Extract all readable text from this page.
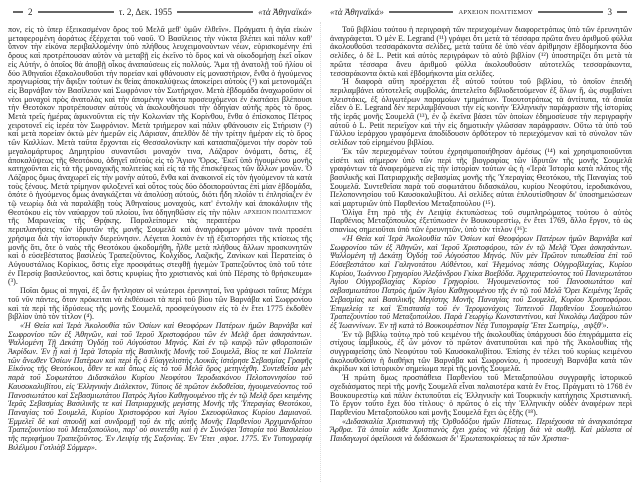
2	τ. 2, Δεκ. 1955	«τὰ Ἀθηναϊκά» «τὰ Ἀθηναϊκά»	ΑΡΧΕΙΟΝ ΠΟΛΙΤΙΣΜΟΥ	3
ΑΡΧΕΙΟΝ ΠΟΛΙΤΙΣΜΟΥ

πον, εἰς τὸ ὑπερ ἐξεικασμένον ὄρος τοῦ Μελᾶ μεθ' ὑμῶν ἐλθεῖν». Πράγματι ἡ ἁγία εἰκὼν μεταφερομένη ἀοράτως ἐξέρχεται τοῦ ναοῦ. Ὁ Βασίλειος τὴν νύκτα βλέπει καὶ πάλιν καθ' ὕπνον τὴν εἰκόνα περιβαλλομένην ὑπὸ πλήθους λευχειμονούντων νέων, εὑρισκομένην ἐπὶ ὄρους καὶ προτρέπουσαν αὐτὸν νὰ μεταβῇ εἰς ἐκεῖνο τὸ ὄρος καὶ νὰ οἰκοδομήσῃ ἐκεῖ οἶκον εἰς Αὐτήν, ὁ ὁποῖος θὰ ἀποβῇ οἶκος ἀναπαύσεως εἰς πολλούς. Ἅμα τῇ ἀνατολῇ τοῦ ἡλίου οἱ δύο Ἀθηναῖοι ἐξακολουθοῦσι τὴν πορείαν καὶ φθάνουσιν εἰς μοναστήριον, ἔνθα ὁ ἡγούμενος προγνωρίσας τὴν ἄφιξιν τούτων ἐκ θείας ἀποκαλύψεως ἀποκείρει αὐτοὺς (¹) καὶ μετονομάζει εἰς Βαρνάβαν τὸν Βασίλειον καὶ Σωφρόνιον τὸν Σωτήριχον. Μετὰ ἑβδομάδα ἀναχωροῦσιν οἱ νέοι μοναχοὶ πρὸς ἀνατολὰς καὶ τὴν ἀπομένην νύκτα προσευχόμενοι ἐν ἐκστάσει βλέπουσι τὴν Θεοτόκον προτρέπουσαν αὐτοὺς νὰ ἀκολουθήσωσι τὴν ὁδηγίαν αὐτῆς πρὸς τὸ ὄρος. Μετὰ τρεῖς ἡμέρας ἀφικνοῦνται εἰς τὴν Κολωνίαν τῆς Κορίνθου, ἔνθα ὁ ἐπίσκοπος Πέτρος χειροτονεῖ εἰς ἱερέα τὸν Σωφρόνιον. Μετὰ τριήμερον καὶ πάλιν φθάνουσιν εἰς Στήρισιν (²) καὶ μετὰ πορείαν ὀκτὼ μὲν ἡμερῶν εἰς Λάρισαν, ἀπελθὸν δὲ τὴν τρίτην ἡμέραν εἰς τὸ ὄρος τῶν Καλλίων. Μετὰ ταῦτα ἔρχονται εἰς Θεσσαλονίκην καὶ κατασπαζόμενοι τὴν σορὸν τοῦ μεγαλομάρτυρος Δημητρίου συναντῶσι μοναχόν τινα, Λάζαρον ὀνόματι, ὅστις, ἐξ ἀποκαλύψεως τῆς Θεοτόκου, ὁδηγεῖ αὐτοὺς εἰς τὸ Ἅγιον Ὄρος. Ἐκεῖ ὑπὸ ἡγουμένου μονῆς κατηχοῦνται εἰς τὰ τῆς μοναχικῆς πολιτείας καὶ εἰς τὰ τῆς ἐπισκέψεως τῶν ἄλλων μονῶν. Ὁ Λάζαρος ὅμως ἀναχωρεῖ εἰς τὴν μονὴν αὐτοῦ, ἔνθα καὶ ἀνακοινοῖ εἰς τὸν ἡγούμενον τὰ κατὰ τοὺς ξένους. Μετὰ τρίμηνον φιλοξενεῖ καὶ οὗτος τοὺς δύο ὁδοιπορούντας ἐπὶ μίαν ἑβδομάδα, ὁπότε ὁ ἡγούμενος ὅμως ἀναγκάζεται νὰ ἀπολύσῃ αὐτούς, διότι ἤδη πλοῖόν τι ἐπλησίαζεν ἐν τῷ νεωρίῳ διὰ νὰ παραλάβῃ τοὺς Ἀθηναίους μοναχούς, κατ' ἐντολὴν καὶ ἀποκάλυψιν τῆς Θεοτόκου εἰς τὸν ναύαρχον τοῦ πλοίου, ἵνα ὁδηγηθῶσιν εἰς τὴν πόλιν τῆς Μαρωνείας τῆς Θρᾴκης. Παραλείπομεν τὰς περαιτέρω περιπλανήσεις τῶν ἱδρυτῶν τῆς μονῆς Σουμελᾶ καὶ ἀναγράφομεν μόνον τινὰ προσέτι χρήσιμα διὰ τὴν ἱστορικὴν διερεύνησιν. Λέγεται λοιπὸν ἐν τῇ ἐξιστορήσει τῆς κτίσεως τῆς μονῆς ὅτι, ὅτε ὁ ναὸς τῆς Θεοτόκου ᾠκοδομήθη, ἦλθε μετὰ πλήθους ἄλλων προσκυνητῶν καὶ ὁ εὐσεβέστατος βασιλεὺς Τραπεζοῦντος, Κολχίδος, Λαζικῆς, Ζανίκων καὶ Περατείας ὁ Αὐγουστάλιος Κορίκιος, ὅστις εἶχε προσφάτως στεφθῇ ἡγεμὼν Τραπεζοῦντος ὑπὸ τοῦ τότε ἐν Περσίᾳ βασιλεύοντος, καὶ ὅστις κρυφίως ἦτο χριστιανὸς καὶ ὑπὸ Πέρσης τὸ θρήσκευμα» (³).

Ποῖαι ὅμως αἱ πηγαί, ἐξ ὧν ἤντλησαν οἱ νεώτεροι ἐρευνηταί, ἵνα γράψωσι ταῦτα; Μέχρι τοῦ νῦν πάντες, ὅταν πρόκειται νὰ ἐκθέσωσι τὰ περὶ τοῦ βίου τῶν Βαρνάβα καὶ Σωφρονίου καὶ τὰ περὶ τῆς ἱδρύσεως τῆς μονῆς Σουμελᾶ, προσφεύγουσιν εἰς τὸ ἐν ἔτει 1775 ἐκδοθὲν βιβλίον ὑπὸ τὸν τίτλον (⁴).

«Ἡ Θεία καὶ Ἱερὰ Ἀκολουθία τῶν Ὁσίων καὶ Θεοφόρων Πατέρων ἡμῶν Βαρνάβα καὶ Σωφρονίου τῶν ἐξ Ἀθηνῶν, καὶ τοῦ Ἱεροῦ Χριστοφόρου τῶν ἐν Μελᾷ ὄρει ἀσκησάντων. Ψαλλομένη Τῇ Δεκάτῃ Ὀγδόῃ τοῦ Αὐγούστου Μηνός. Καὶ ἐν τῷ καιρῷ τῶν φθοροποιῶν Ἀκρίδων. Ἐν ᾗ καὶ ἡ Ἱερὰ Ἱστορία τῆς Βασιλικῆς Μονῆς τοῦ Σουμελᾶ, Βίος τε καὶ Πολιτεία τῶν ἄνωθεν Ὁσίων Πατέρων καὶ περὶ ἧς ὁ Εὐαγγελιστὴς Λουκᾶς ἱστόρησε Σεβασμίας Γραφῆς Εἰκόνος τῆς Θεοτόκου, ὅθεν τε καὶ ὅπως εἰς τὸ τοῦ Μελᾶ ὄρος μετηνέχθη. Συντεθεῖσα μὲν παρὰ τοῦ Σοφωτάτου Διδασκάλου Κυρίου Νεοφύτου Ἱεροδιακόνου Πελοποννησίου τοῦ Καυσοκαλυβίτου, εἰς Ἑλληνικὴν Διάλεκτον, Τύποις δὲ πρῶτον ἐκδοθεῖσα, ἡγουμενεύοντος τοῦ Πανοσιωτάτου καὶ Σεβασμιωτάτου Πατρὸς Ἁγίου Καθηγουμένου τῆς ἐν τῷ Μελᾷ ὄρει κειμένης Ἱερᾶς Σεβασμίας Βασιλικῆς τε καὶ Πατριαρχικῆς μεγίστης Μονῆς τῆς Ὑπεραγίας Θεοτόκου, Παναγίας τοῦ Σουμελᾶ, Κυρίου Χριστοφόρου καὶ Ἁγίου Σκευοφύλακος Κυρίου Δαμιανοῦ. Ἐμμελεῖ δὲ καὶ σπουδῇ καὶ συνδρομῇ τοῦ ἐκ τῆς αὐτῆς Μονῆς Παρθενίου Ἀρχιμανδρίτου Τραπεζουντίου τοῦ Μεταξοπούλου, παρ' οὗ συνετέθη καὶ ἡ ἐν Συνόψει Ἱστορία τοῦ Βασιλείου τῆς περιφήμου Τραπεζοῦντος. Ἐν Λειψίᾳ τῆς Σαξονίας. Ἐν Ἔτει ͵αψοε. 1775. Ἐν Τυπογραφίᾳ Βιλέλμου Γοτλιὰβ Σόμμερ».

Τοῦ βιβλίου τούτου ἡ περιγραφὴ τῶν περιεχομένων διαφορετρόπως ὑπὸ τῶν ἐρευνητῶν ἀναγράφεται. Ὁ μὲν E. Legrand (¹¹) γράφει ὅτι μετὰ τὰ τέσσαρα πρῶτα ἄνευ ἀριθμοῦ φύλλα ἀκολουθοῦσι τεσσαράκοντα σελίδες, μετὰ ταῦτα δὲ ὑπὸ νέαν ἀρίθμησιν ἑβδομήκοντα δύο σελίδες, ὁ δὲ L. Petit καὶ αὐτὸς περιγράφων τὸ αὐτὸ βιβλίον (¹²) ὑποστηρίζει ὅτι μετὰ τὰ πρῶτα τέσσαρα ἄνευ ἀριθμοῦ φύλλα ἀκολουθοῦσιν αὐτοτελῶς τεσσαράκοντα, τεσσαράκοντα ὀκτὼ καὶ ἑβδομήκοντα μία σελίδες.

Ἡ διαφορὰ αὕτη προέρχεται ἐξ αὐτοῦ τούτου τοῦ βιβλίου, τὸ ὁποῖον ἐπειδὴ περιλαμβάνει αὐτοτελεῖς συμβολάς, ἀπετελεῖτο διβλιοδετούμενον ἐξ ὅλων ἤ, ὡς συμβαίνει πλειστάκις, ἐξ ὀλιγωτέρων παραμοίων τμημάτων. Τοιουτοτρόπως τὰ ἀντίτυπα, τὰ ὁποῖα εἶδεν ὁ E. Legrand δὲν περιλαμβάνουσι τὴν εἰς κοινὴν Ἑλληνικὴν παράφρασιν τῆς ἱστορίας τῆς ἱερᾶς μονῆς Σουμελᾶ (¹³), ἐν ᾧ ἐκεῖνα βάσει τῶν ὁποίων ἐδημοσίευσε τὴν περιγραφὴν αὐτοῦ ὁ L. Petit περιεῖχον καὶ τὴν εἰς δημοτικὴν γλῶσσαν παράφρασιν. Οὕτω τὰ ὑπὸ τοῦ Γάλλου ἱεράρχου γραφόμενα ἀποδίδουσιν ὀρθότερον τὸ περιεχόμενον καὶ τὸ σύνολον τῶν σελίδων τοῦ εἰρημένου βιβλίου.

Ἐκ τῶν περιεχομένων τούτου ἐχρησιμοποιήθησαν ἀμέσως (¹⁴) καὶ χρησιμοποιοῦνται εἰσέτι καὶ σήμερον ὑπὸ τῶν περὶ τῆς βιογραφίας τῶν ἱδρυτῶν τῆς μονῆς Σουμελᾶ γραφόντων τὰ ἀναφερόμενα εἰς τὴν ἱστορίαν τούτων ὡς ἡ «Ἱερὰ Ἱστορία κατὰ πλάτος τῆς βασιλικῆς καὶ Πατριαρχικῆς σεβασμίας μονῆς τῆς Ὑπεραγίας Θεοτόκου, τῆς Παναγίας τοῦ Σουμελᾶ. Συντεθεῖσα παρὰ τοῦ σοφωτάτου διδασκάλου, κυρίου Νεοφύτου, ἱεροδιακόνου, Πελοποννησίου τοῦ Καυσοκαλυβίτου. Αἱ σελίδες αὐται ἐπλουτίσθησαν δι' ὑποσημειώσεων καὶ μαρτυριῶν ὑπὸ Παρθενίου Μεταξοπούλου (¹⁵).

Ὀλίγα ἔτη πρὸ τῆς ἐν Λειψίᾳ ἐκτυπώσεως τοῦ συμπληρώματος τούτου ὁ αὐτὸς Παρθένιος Μεταξόπουλος ἐξετύπωσεν ἐν Βουκουρεστίῳ, ἐν ἔτει 1769, ἄλλο ἔργον, τὸ ὡς σπανίως σημειοῦται ὑπὸ τῶν ἐρευνητῶν, ὑπὸ τὸν τίτλον (¹⁶):

«Ἡ Θεία καὶ Ἱερὰ Ἀκολουθία τῶν Ὁσίων καὶ Θεοφόρων Πατέρων ἡμῶν Βαρνάβα καὶ Σωφρονίου τῶν ἐξ Ἀθηνῶν, καὶ Ἱεροῦ Χριστοφόρου, τῶν ἐν τῷ Μελᾷ Ὄρει ἀσκησάντων. Ψαλλομένη τῇ Δεκάτῃ Ὀγδόῃ τοῦ Αὐγούστου Μηνός. Νῦν μὲν Πρῶτον τυπωθεῖσα ἐπὶ τοῦ Εὐσεβεστάτου καὶ Γαληνοτάτου Αὐθέντου, καὶ Ἡγεμόνος πάσης Οὐγγροβλαχίας, Κυρίου Κυρίου, Ἰωάννου Γρηγορίου Ἀλεξάνδρου Γκίκα Βοεβόδα. Ἀρχιερατεύοντος τοῦ Πανιερωτάτου Ἁγίου Οὐγγροβλαχίας Κυρίου Γρηγορίου. Ἡγουμενεύοντος τοῦ Πανοσιωτάτου καὶ σεβασμιωτάτου Πατρὸς ἡμῶν Ἁγίου Καθηγουμένου τῆς ἐν τῷ τοῦ Μελᾶ Ὄρει Κειμένης Ἱερᾶς Σεβασμίας καὶ Βασιλικῆς Μεγίστης Μονῆς Παναγίας τοῦ Σουμελᾶ, Κυρίου Χριστοφόρου. Ἐπιμελείᾳ τε καὶ Ἐπιστασίᾳ τοῦ ἐν Ἱερομονάχοις Ταπεινοῦ Παρθενίου Σουμελιώτου Τραπεζουντίου τοῦ Μεταξοπούλου. Παρὰ Γεωργίῳ Κωνσταντίνου, καὶ Νικολάῳ Λαζάρου τῶν ἐξ Ἰωαννίνων. Ἐν τῇ κατὰ τὸ Βουκουρέστιον Νέᾳ Τυπογραφίᾳ Ἔτει Σωτηρίῳ, ͵αψξθ'».

Ἐν τῷ βιβλίῳ τούτῳ πρὸ τοῦ κειμένου τῆς ἀκολουθίας ὑπάρχουσι δύο ἐπιγράμματα εἰς στίχους ἰαμβικούς, ἐξ ὧν μόνον τὸ πρῶτον ἀνατυποῦται καὶ πρὸ τῆς Ἀκολουθίας τῆς συγγραφείσης ὑπὸ Νεοφύτου τοῦ Καυσοκαλυβίτου. Ἐπίσης ἐν τέλει τοῦ κυρίως κειμένου ἀκολουθοῦσιν ἡ διαθήκη τῶν Βαρνάβα καὶ Σωφρονίου, ἡ προσευχὴ Βαρνάβα κατὰ τῶν ἀκρίδων καὶ ἱστορικὸν σημείωμα περὶ τῆς μονῆς Σουμελᾶ.

Ἡ πρώτη ὅμως προσπάθεια Παρθενίου τοῦ Μεταξοπούλου συγγραφῆς ἱστορικοῦ σχεδιάσματος περὶ τῆς μονῆς Σουμελᾶ εἶναι παλαιοτέρα κατὰ ἓν ἔτος. Πράγματι τὸ 1768 ἐν Βουκουρεστίῳ καὶ πάλιν ἐκτυποῦται εἰς Ἑλληνικὴν καὶ Τουρκικὴν κατήχησις Χριστιανική. Τὸ ἔργον τοῦτο ἔχει δύο τίτλους· ὁ πρῶτος ὁ εἰς τὴν Ἑλληνικὴν οὐδὲν ἀναφέρων περὶ Παρθενίου Μεταξοπούλου καὶ μονῆς Σουμελᾶ ἔχει ὡς ἑξῆς (¹⁸).

«Διδασκαλία Χριστιανικὴ τῆς Ὀρθοδόξου ἡμῶν Πίστεως. Περιέχουσα τὰ ἀναγκαιότερα Ἄρθρα. Τὰ ὁποῖα κάθε Χριστιανὸς ἔχει χρέος νὰ ἠξεύρῃ διὰ νὰ σωθῇ. Καὶ μάλιστα οἱ Παιδαγωγοὶ ὀφείλουσι νὰ διδάσκωσι δι' Ἐρωταποκρίσεως τὰ τῶν Χριστια-
